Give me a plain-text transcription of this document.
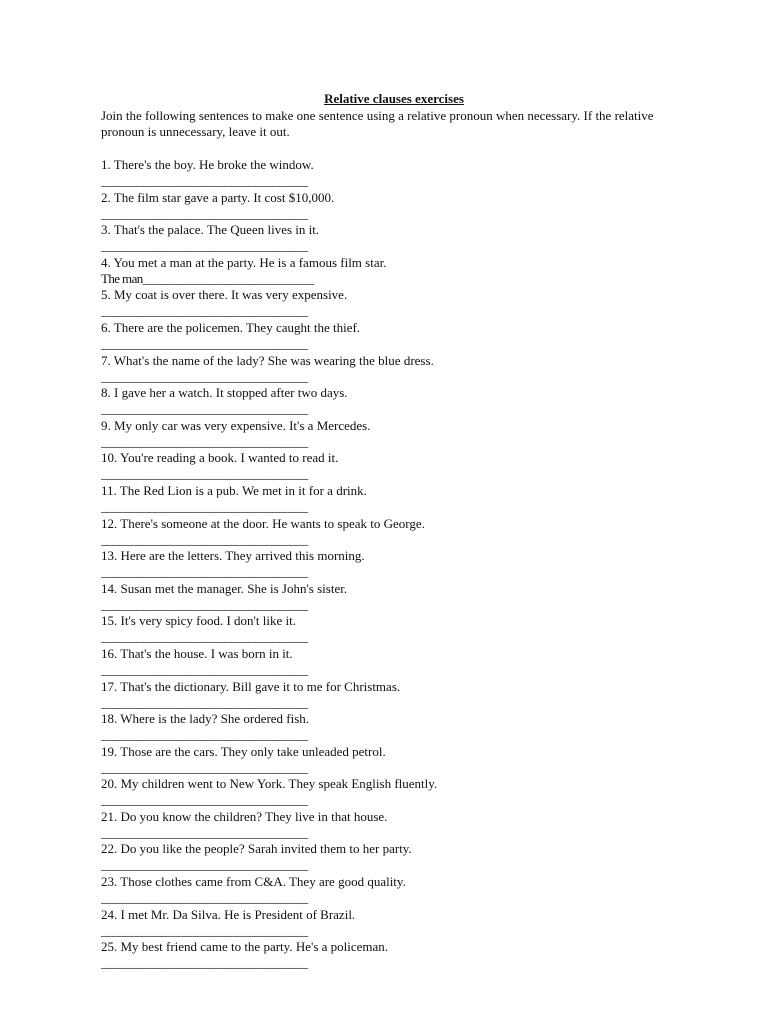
Relative clauses exercises
Join the following sentences to make one sentence using a relative pronoun when necessary. If the relative pronoun is unnecessary, leave it out.
1. There's the boy. He broke the window.
___________________________________
2. The film star gave a party. It cost $10,000.
___________________________________
3. That's the palace. The Queen lives in it.
___________________________________
4. You met a man at the party. He is a famous film star.
The man_____________________________
5. My coat is over there. It was very expensive.
___________________________________
6. There are the policemen. They caught the thief.
___________________________________
7. What's the name of the lady? She was wearing the blue dress.
___________________________________
8. I gave her a watch. It stopped after two days.
___________________________________
9. My only car was very expensive. It's a Mercedes.
___________________________________
10. You're reading a book. I wanted to read it.
___________________________________
11. The Red Lion is a pub. We met in it for a drink.
___________________________________
12. There's someone at the door. He wants to speak to George.
___________________________________
13. Here are the letters. They arrived this morning.
___________________________________
14. Susan met the manager. She is John's sister.
___________________________________
15. It's very spicy food. I don't like it.
___________________________________
16. That's the house. I was born in it.
___________________________________
17. That's the dictionary. Bill gave it to me for Christmas.
___________________________________
18. Where is the lady? She ordered fish.
___________________________________
19. Those are the cars. They only take unleaded petrol.
___________________________________
20. My children went to New York. They speak English fluently.
___________________________________
21. Do you know the children? They live in that house.
___________________________________
22. Do you like the people? Sarah invited them to her party.
___________________________________
23. Those clothes came from C&A. They are good quality.
___________________________________
24. I met Mr. Da Silva. He is President of Brazil.
___________________________________
25. My best friend came to the party. He's a policeman.
___________________________________
